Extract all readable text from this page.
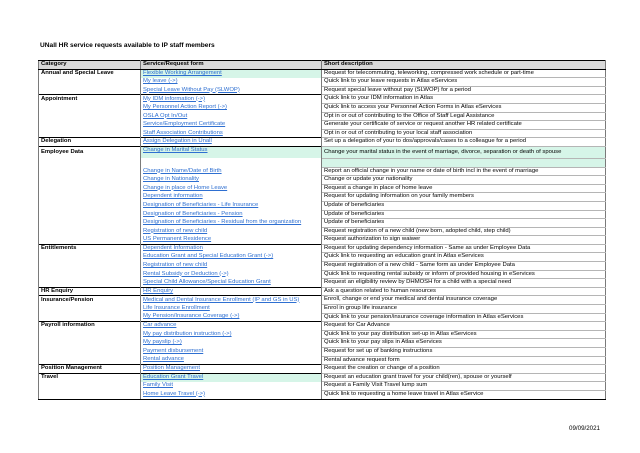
UNall HR service requests available to IP staff members
Category	Service/Request form	Short description
Annual and Special Leave	Flexible Working Arrangement	Request for telecommuting, teleworking, compressed work schedule or part-time
	My leave (->)	Quick link to your leave requests in Atlas eServices
	Special Leave Without Pay (SLWOP)	Request special leave without pay (SLWOP) for a period
Appointment	My IDM information (->)	Quick link to your IDM information in Atlas
	My Personnel Action Report (->)	Quick link to access your Personnel Action Forms in Atlas eServices
	OSLA Opt In/Out	Opt in or out of contributing to the Office of Staff Legal Assistance
	Service/Employment Certificate	Generate your certificate of service or request another HR related certificate
	Staff Association Contributions	Opt in or out of contributing to your local staff association
Delegation	Assign Delegation in Unall	Set up a delegation of your to dos/approvals/cases to a colleague for a period
Employee Data	Change in Marital Status	Change your marital status in the event of marriage, divorce, separation or death of spouse

	Change in Name/Date of Birth	Report an official change in your name or date of birth incl in the event of marriage
	Change in Nationality	Change or update your nationality
	Change in place of Home Leave	Request a change in place of home leave
	Dependent information	Request for updating information on your family members
	Designation of Beneficiaries - Life Insurance	Update of beneficiaries
	Designation of Beneficiaries - Pension	Update of beneficiaries
	Designation of Beneficiaries - Residual from the organization	Update of beneficiaries
	Registration of new child	Request registration of a new child (new born, adopted child, step child)
	US Permanent Residence	Request authorization to sign waiwer
Entitlements	Dependent Information	Request for updating dependency information - Same as under Employee Data
	Education Grant and Special Education Grant (->)	Quick link to requesting an education grant in Atlas eServices
	Registration of new child	Request registration of a new child - Same form as under Employee Data
	Rental Subsidy or Deduction (->)	Quick link to requesting rental subsidy or inform of provided housing in eServices
	Special Child Allowance/Special Education Grant	Request an eligibility review by DHMOSH for a child with a special need
HR Enquiry	HR Enquiry	Ask a question related to human resources
Insurance/Pension	Medical and Dental Insurance Enrollment (IP and GS in US)	Enroll, change or end your medical and dental insurance coverage
	Life Insurance Enrollment	Enrol in group life insurance
	My Pension/Insurance Coverage (->)	Quick link to your pension/insurance coverage information in Atlas eServices
Payroll information	Car advance	Request for Car Advance
	My pay distribution instruction (->)	Quick link to your pay distribution set-up in Atlas eServices
	My payslip (->)	Quick link to your pay slips in Atlas eServices
	Payment disbursement	Request for set up of banking instructions
	Rental advance	Rental advance request form
Position Management	Position Management	Request the creation or change of a position
Travel	Education Grant Travel	Request an education grant travel for your child(ren), spouse or yourself
	Family Visit	Request a Family Visit Travel lump sum
	Home Leave Travel (->)	Quick link to requesting a home leave travel in Atlas eService
09/09/2021
